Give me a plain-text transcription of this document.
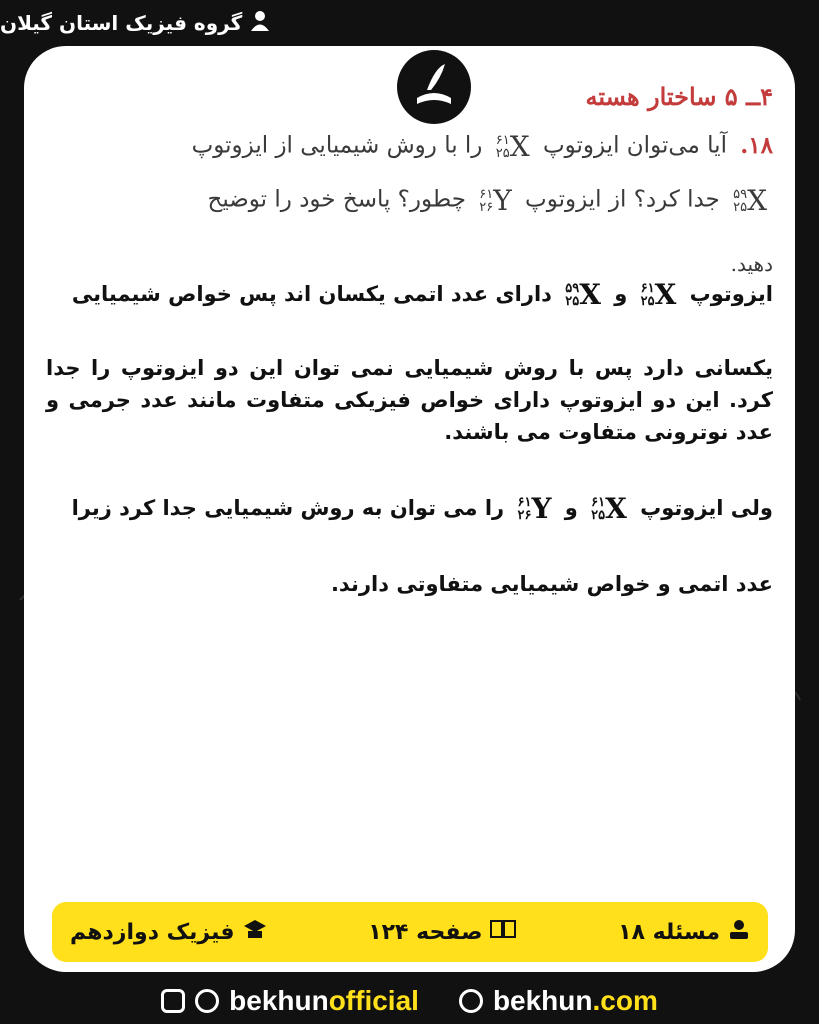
گروه فیزیک استان گیلان
۴ــ ۵ ساختار هسته
۱۸. آیا می‌توان ایزوتوپ
۶۱
۲۵ X
را با روش شیمیایی از ایزوتوپ
۵۹
۲۵ X
جدا کرد؟ از ایزوتوپ
۶۱
۲۶ Y
چطور؟ پاسخ خود را توضیح
دهید.
ایزوتوپ
۶۱
۲۵ X
و
۵۹
۲۵ X
دارای عدد اتمی یکسان اند پس خواص شیمیایی
یکسانی دارد پس با روش شیمیایی نمی توان این دو ایزوتوپ را جدا کرد. این دو ایزوتوپ دارای خواص فیزیکی متفاوت مانند عدد جرمی و عدد نوترونی متفاوت می باشند.
ولی ایزوتوپ
۶۱
۲۵ X
و
۶۱
۲۶ Y
را می توان به روش شیمیایی جدا کرد زیرا
عدد اتمی و خواص شیمیایی متفاوتی دارند.
مسئله ۱۸
صفحه ۱۲۴
فیزیک دوازدهم
bekhunofficial	bekhun.com
